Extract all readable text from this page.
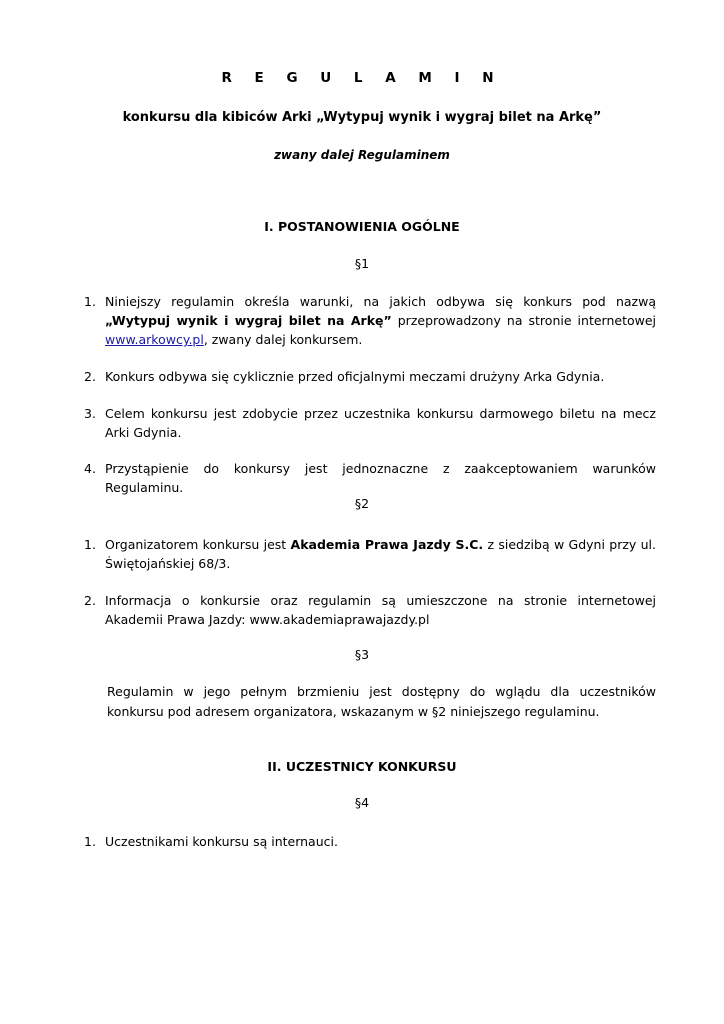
R E G U L A M I N

konkursu dla kibiców Arki „Wytypuj wynik i wygraj bilet na Arkę”

zwany dalej Regulaminem

I. POSTANOWIENIA OGÓLNE

§1

1. Niniejszy regulamin określa warunki, na jakich odbywa się konkurs pod nazwą „Wytypuj wynik i wygraj bilet na Arkę” przeprowadzony na stronie internetowej www.arkowcy.pl, zwany dalej konkursem.
2. Konkurs odbywa się cyklicznie przed oficjalnymi meczami drużyny Arka Gdynia.
3. Celem konkursu jest zdobycie przez uczestnika konkursu darmowego biletu na mecz Arki Gdynia.
4. Przystąpienie do konkursy jest jednoznaczne z zaakceptowaniem warunków Regulaminu.

§2

1. Organizatorem konkursu jest Akademia Prawa Jazdy S.C. z siedzibą w Gdyni przy ul. Świętojańskiej 68/3.
2. Informacja o konkursie oraz regulamin są umieszczone na stronie internetowej Akademii Prawa Jazdy: www.akademiaprawajazdy.pl

§3

Regulamin w jego pełnym brzmieniu jest dostępny do wglądu dla uczestników konkursu pod adresem organizatora, wskazanym w §2 niniejszego regulaminu.

II. UCZESTNICY KONKURSU

§4

1. Uczestnikami konkursu są internauci.
